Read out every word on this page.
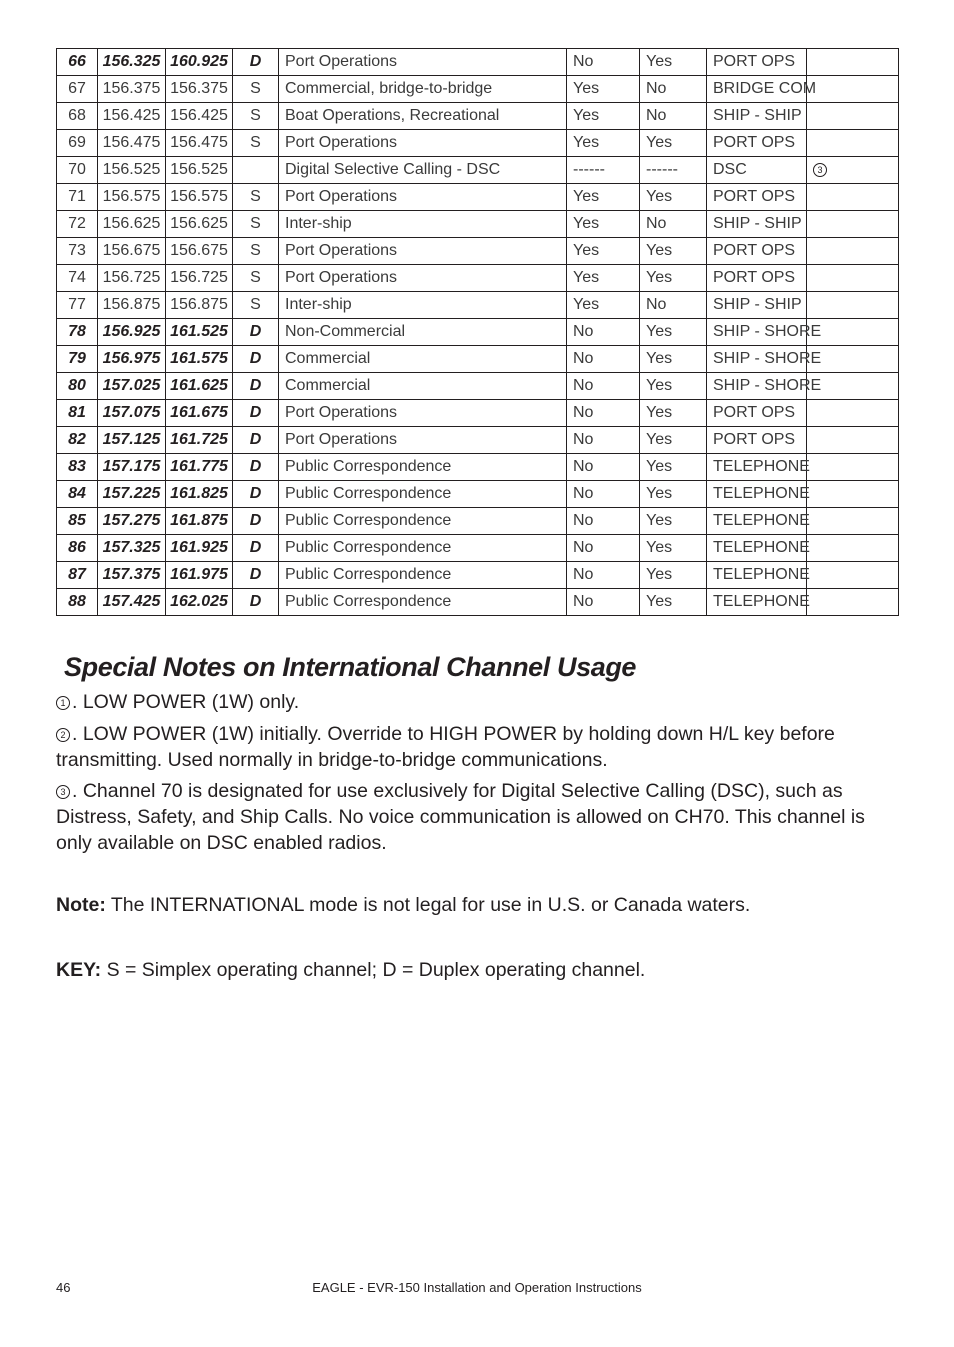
66	156.325	160.925	D	Port Operations	No	Yes	PORT OPS	
67	156.375	156.375	S	Commercial, bridge-to-bridge	Yes	No	BRIDGE COM	
68	156.425	156.425	S	Boat Operations, Recreational	Yes	No	SHIP - SHIP	
69	156.475	156.475	S	Port Operations	Yes	Yes	PORT OPS	
70	156.525	156.525		Digital Selective Calling - DSC	------	------	DSC	3
71	156.575	156.575	S	Port Operations	Yes	Yes	PORT OPS	
72	156.625	156.625	S	Inter-ship	Yes	No	SHIP - SHIP	
73	156.675	156.675	S	Port Operations	Yes	Yes	PORT OPS	
74	156.725	156.725	S	Port Operations	Yes	Yes	PORT OPS	
77	156.875	156.875	S	Inter-ship	Yes	No	SHIP - SHIP	
78	156.925	161.525	D	Non-Commercial	No	Yes	SHIP - SHORE	
79	156.975	161.575	D	Commercial	No	Yes	SHIP - SHORE	
80	157.025	161.625	D	Commercial	No	Yes	SHIP - SHORE	
81	157.075	161.675	D	Port Operations	No	Yes	PORT OPS	
82	157.125	161.725	D	Port Operations	No	Yes	PORT OPS	
83	157.175	161.775	D	Public Correspondence	No	Yes	TELEPHONE	
84	157.225	161.825	D	Public Correspondence	No	Yes	TELEPHONE	
85	157.275	161.875	D	Public Correspondence	No	Yes	TELEPHONE	
86	157.325	161.925	D	Public Correspondence	No	Yes	TELEPHONE	
87	157.375	161.975	D	Public Correspondence	No	Yes	TELEPHONE	
88	157.425	162.025	D	Public Correspondence	No	Yes	TELEPHONE	
Special Notes on International Channel Usage

1 . LOW POWER (1W) only.

2 . LOW POWER (1W) initially. Override to HIGH POWER by holding down H/L key before transmitting. Used normally in bridge-to-bridge communications.

3 . Channel 70 is designated for use exclusively for Digital Selective Calling (DSC), such as Distress, Safety, and Ship Calls. No voice communication is allowed on CH70. This channel is only available on DSC enabled radios.

Note: The INTERNATIONAL mode is not legal for use in U.S. or Canada waters.

KEY: S = Simplex operating channel; D = Duplex operating channel.

46	EAGLE - EVR-150 Installation and Operation Instructions
